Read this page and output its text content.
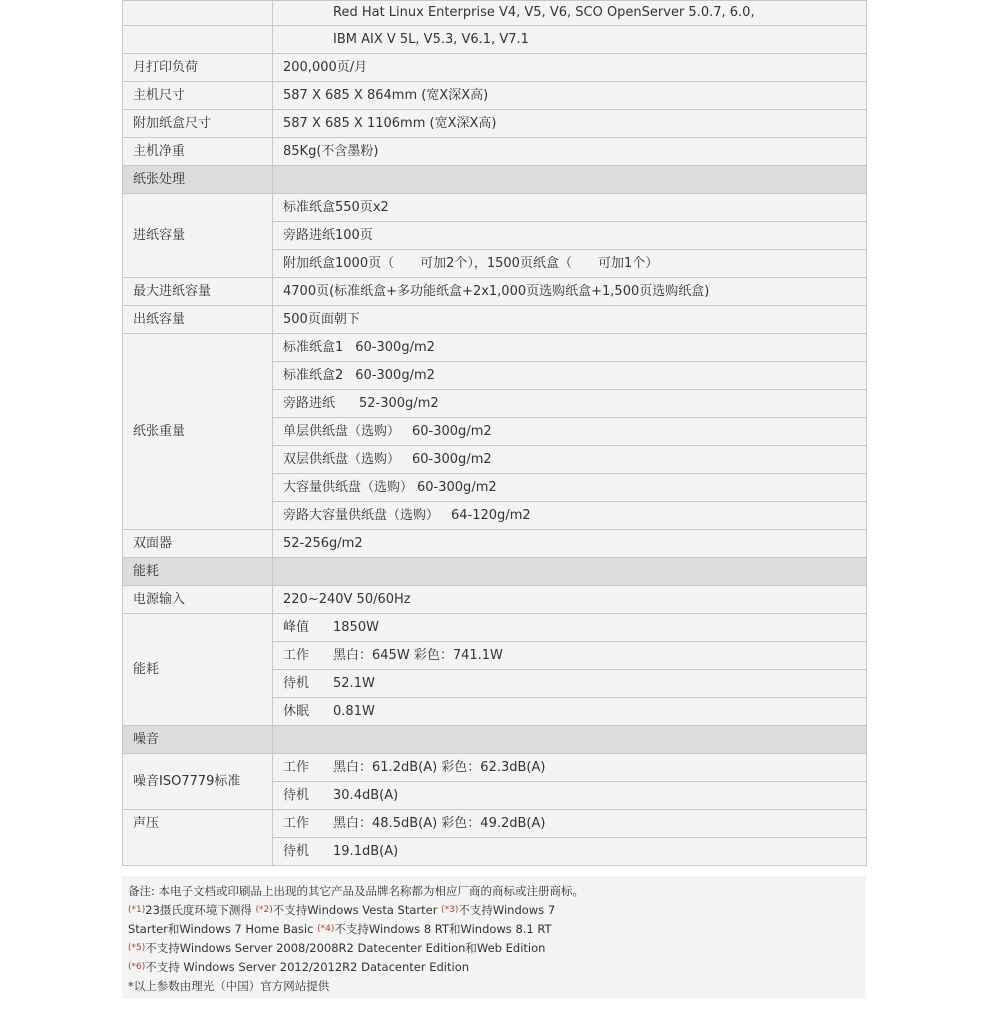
	Red Hat Linux Enterprise V4, V5, V6, SCO OpenServer 5.0.7, 6.0,
	IBM AIX V 5L, V5.3, V6.1, V7.1
月打印负荷	200,000页/月
主机尺寸	587 X 685 X 864mm (宽X深X高)
附加纸盒尺寸	587 X 685 X 1106mm (宽X深X高)
主机净重	85Kg(不含墨粉)
纸张处理	
进纸容量	标准纸盒550页x2
	旁路进纸100页
	附加纸盒1000页（　　可加2个），1500页纸盒（　　可加1个）
最大进纸容量	4700页(标准纸盒+多功能纸盒+2x1,000页选购纸盒+1,500页选购纸盒)
出纸容量	500页面朝下
纸张重量	标准纸盒1 60-300g/m2
	标准纸盒2 60-300g/m2
	旁路进纸 52-300g/m2
	单层供纸盘（选购） 60-300g/m2
	双层供纸盘（选购） 60-300g/m2
	大容量供纸盘（选购） 60-300g/m2
	旁路大容量供纸盘（选购） 64-120g/m2
双面器	52-256g/m2
能耗	
电源输入	220~240V 50/60Hz
能耗	峰值 1850W
	工作 黑白：645W 彩色：741.1W
	待机 52.1W
	休眠 0.81W
噪音	
噪音ISO7779标准	工作 黑白：61.2dB(A) 彩色：62.3dB(A)
	待机 30.4dB(A)
声压	工作 黑白：48.5dB(A) 彩色：49.2dB(A)
	待机 19.1dB(A)
备注: 本电子文档或印刷品上出现的其它产品及品牌名称都为相应厂商的商标或注册商标。
(*1)23摄氏度环境下测得 (*2)不支持Windows Vesta Starter (*3)不支持Windows 7
Starter和Windows 7 Home Basic (*4)不支持Windows 8 RT和Windows 8.1 RT
(*5)不支持Windows Server 2008/2008R2 Datecenter Edition和Web Edition
(*6)不支持 Windows Server 2012/2012R2 Datacenter Edition
*以上参数由理光（中国）官方网站提供
